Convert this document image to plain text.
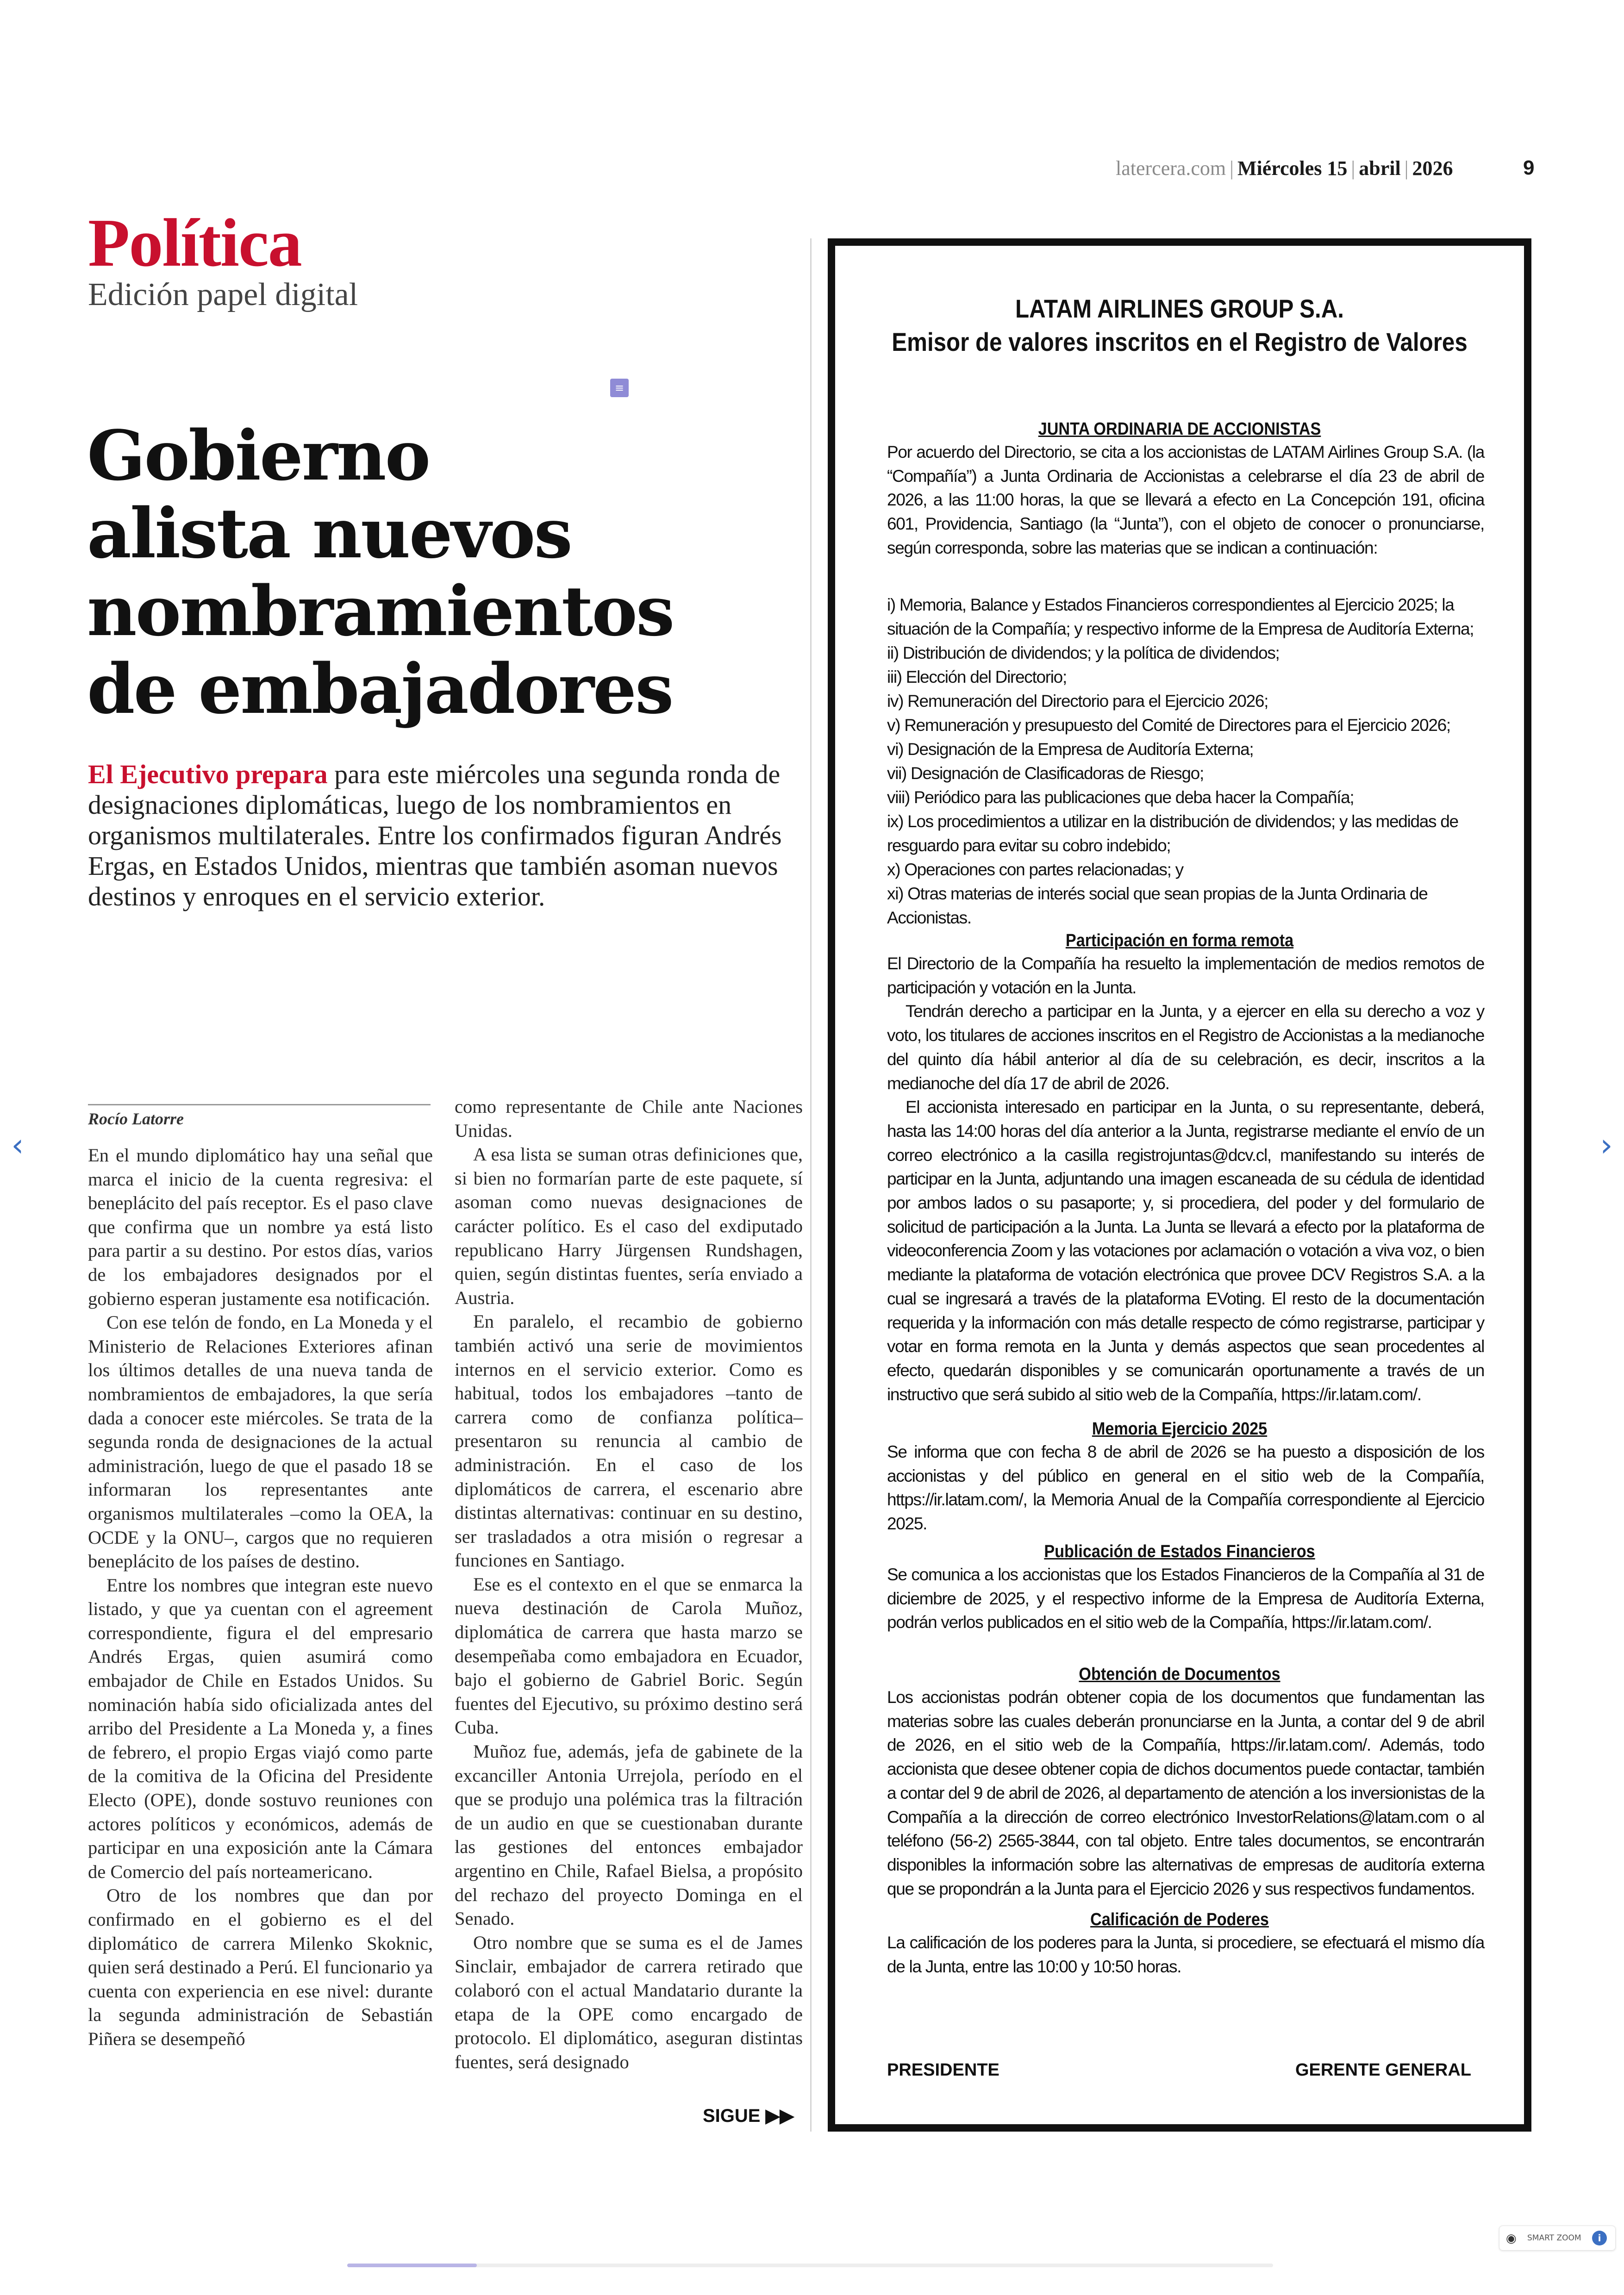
latercera.com | Miércoles 15 | abril | 2026	9
Política
Edición papel digital
≡
Gobierno
alista nuevos
nombramientos
de embajadores

El Ejecutivo prepara para este miércoles una segunda ronda de designaciones diplomáticas, luego de los nombramientos en organismos multilaterales. Entre los confirmados figuran Andrés Ergas, en Estados Unidos, mientras que también asoman nuevos destinos y enroques en el servicio exterior.

Rocío Latorre

En el mundo diplomático hay una señal que marca el inicio de la cuenta regresiva: el beneplácito del país receptor. Es el paso clave que confirma que un nombre ya está listo para partir a su destino. Por estos días, varios de los embajadores designados por el gobierno esperan justamente esa notificación.

Con ese telón de fondo, en La Moneda y el Ministerio de Relaciones Exteriores afinan los últimos detalles de una nueva tanda de nombramientos de embajadores, la que sería dada a conocer este miércoles. Se trata de la segunda ronda de designaciones de la actual administración, luego de que el pasado 18 se informaran los representantes ante organismos multilaterales –como la OEA, la OCDE y la ONU–, cargos que no requieren beneplácito de los países de destino.

Entre los nombres que integran este nuevo listado, y que ya cuentan con el agreement correspondiente, figura el del empresario Andrés Ergas, quien asumirá como embajador de Chile en Estados Unidos. Su nominación había sido oficializada antes del arribo del Presidente a La Moneda y, a fines de febrero, el propio Ergas viajó como parte de la comitiva de la Oficina del Presidente Electo (OPE), donde sostuvo reuniones con actores políticos y económicos, además de participar en una exposición ante la Cámara de Comercio del país norteamericano.

Otro de los nombres que dan por confirmado en el gobierno es el del diplomático de carrera Milenko Skoknic, quien será destinado a Perú. El funcionario ya cuenta con experiencia en ese nivel: durante la segunda administración de Sebastián Piñera se desempeñó

como representante de Chile ante Naciones Unidas.

A esa lista se suman otras definiciones que, si bien no formarían parte de este paquete, sí asoman como nuevas designaciones de carácter político. Es el caso del exdiputado republicano Harry Jürgensen Rundshagen, quien, según distintas fuentes, sería enviado a Austria.

En paralelo, el recambio de gobierno también activó una serie de movimientos internos en el servicio exterior. Como es habitual, todos los embajadores –tanto de carrera como de confianza política– presentaron su renuncia al cambio de administración. En el caso de los diplomáticos de carrera, el escenario abre distintas alternativas: continuar en su destino, ser trasladados a otra misión o regresar a funciones en Santiago.

Ese es el contexto en el que se enmarca la nueva destinación de Carola Muñoz, diplomática de carrera que hasta marzo se desempeñaba como embajadora en Ecuador, bajo el gobierno de Gabriel Boric. Según fuentes del Ejecutivo, su próximo destino será Cuba.

Muñoz fue, además, jefa de gabinete de la excanciller Antonia Urrejola, período en el que se produjo una polémica tras la filtración de un audio en que se cuestionaban durante las gestiones del entonces embajador argentino en Chile, Rafael Bielsa, a propósito del rechazo del proyecto Dominga en el Senado.

Otro nombre que se suma es el de James Sinclair, embajador de carrera retirado que colaboró con el actual Mandatario durante la etapa de la OPE como encargado de protocolo. El diplomático, aseguran distintas fuentes, será designado

SIGUE ▶▶
LATAM AIRLINES GROUP S.A.
Emisor de valores inscritos en el Registro de Valores
JUNTA ORDINARIA DE ACCIONISTAS

Por acuerdo del Directorio, se cita a los accionistas de LATAM Airlines Group S.A. (la “Compañía”) a Junta Ordinaria de Accionistas a celebrarse el día 23 de abril de 2026, a las 11:00 horas, la que se llevará a efecto en La Concepción 191, oficina 601, Providencia, Santiago (la “Junta”), con el objeto de conocer o pronunciarse, según corresponda, sobre las materias que se indican a continuación:

i) Memoria, Balance y Estados Financieros correspondientes al Ejercicio 2025; la situación de la Compañía; y respectivo informe de la Empresa de Auditoría Externa;
ii) Distribución de dividendos; y la política de dividendos;
iii) Elección del Directorio;
iv) Remuneración del Directorio para el Ejercicio 2026;
v) Remuneración y presupuesto del Comité de Directores para el Ejercicio 2026;
vi) Designación de la Empresa de Auditoría Externa;
vii) Designación de Clasificadoras de Riesgo;
viii) Periódico para las publicaciones que deba hacer la Compañía;
ix) Los procedimientos a utilizar en la distribución de dividendos; y las medidas de resguardo para evitar su cobro indebido;
x) Operaciones con partes relacionadas; y
xi) Otras materias de interés social que sean propias de la Junta Ordinaria de Accionistas.
Participación en forma remota

El Directorio de la Compañía ha resuelto la implementación de medios remotos de participación y votación en la Junta.

Tendrán derecho a participar en la Junta, y a ejercer en ella su derecho a voz y voto, los titulares de acciones inscritos en el Registro de Accionistas a la medianoche del quinto día hábil anterior al día de su celebración, es decir, inscritos a la medianoche del día 17 de abril de 2026.

El accionista interesado en participar en la Junta, o su representante, deberá, hasta las 14:00 horas del día anterior a la Junta, registrarse mediante el envío de un correo electrónico a la casilla registrojuntas@dcv.cl, manifestando su interés de participar en la Junta, adjuntando una imagen escaneada de su cédula de identidad por ambos lados o su pasaporte; y, si procediera, del poder y del formulario de solicitud de participación a la Junta. La Junta se llevará a efecto por la plataforma de videoconferencia Zoom y las votaciones por aclamación o votación a viva voz, o bien mediante la plataforma de votación electrónica que provee DCV Registros S.A. a la cual se ingresará a través de la plataforma EVoting. El resto de la documentación requerida y la información con más detalle respecto de cómo registrarse, participar y votar en forma remota en la Junta y demás aspectos que sean procedentes al efecto, quedarán disponibles y se comunicarán oportunamente a través de un instructivo que será subido al sitio web de la Compañía, https://ir.latam.com/.

Memoria Ejercicio 2025

Se informa que con fecha 8 de abril de 2026 se ha puesto a disposición de los accionistas y del público en general en el sitio web de la Compañía, https://ir.latam.com/, la Memoria Anual de la Compañía correspondiente al Ejercicio 2025.

Publicación de Estados Financieros

Se comunica a los accionistas que los Estados Financieros de la Compañía al 31 de diciembre de 2025, y el respectivo informe de la Empresa de Auditoría Externa, podrán verlos publicados en el sitio web de la Compañía, https://ir.latam.com/.

Obtención de Documentos

Los accionistas podrán obtener copia de los documentos que fundamentan las materias sobre las cuales deberán pronunciarse en la Junta, a contar del 9 de abril de 2026, en el sitio web de la Compañía, https://ir.latam.com/. Además, todo accionista que desee obtener copia de dichos documentos puede contactar, también a contar del 9 de abril de 2026, al departamento de atención a los inversionistas de la Compañía a la dirección de correo electrónico InvestorRelations@latam.com o al teléfono (56-2) 2565-3844, con tal objeto. Entre tales documentos, se encontrarán disponibles la información sobre las alternativas de empresas de auditoría externa que se propondrán a la Junta para el Ejercicio 2026 y sus respectivos fundamentos.

Calificación de Poderes

La calificación de los poderes para la Junta, si procediere, se efectuará el mismo día de la Junta, entre las 10:00 y 10:50 horas.

PRESIDENTE	GERENTE GENERAL
‹	›
◉ SMART ZOOM	i
